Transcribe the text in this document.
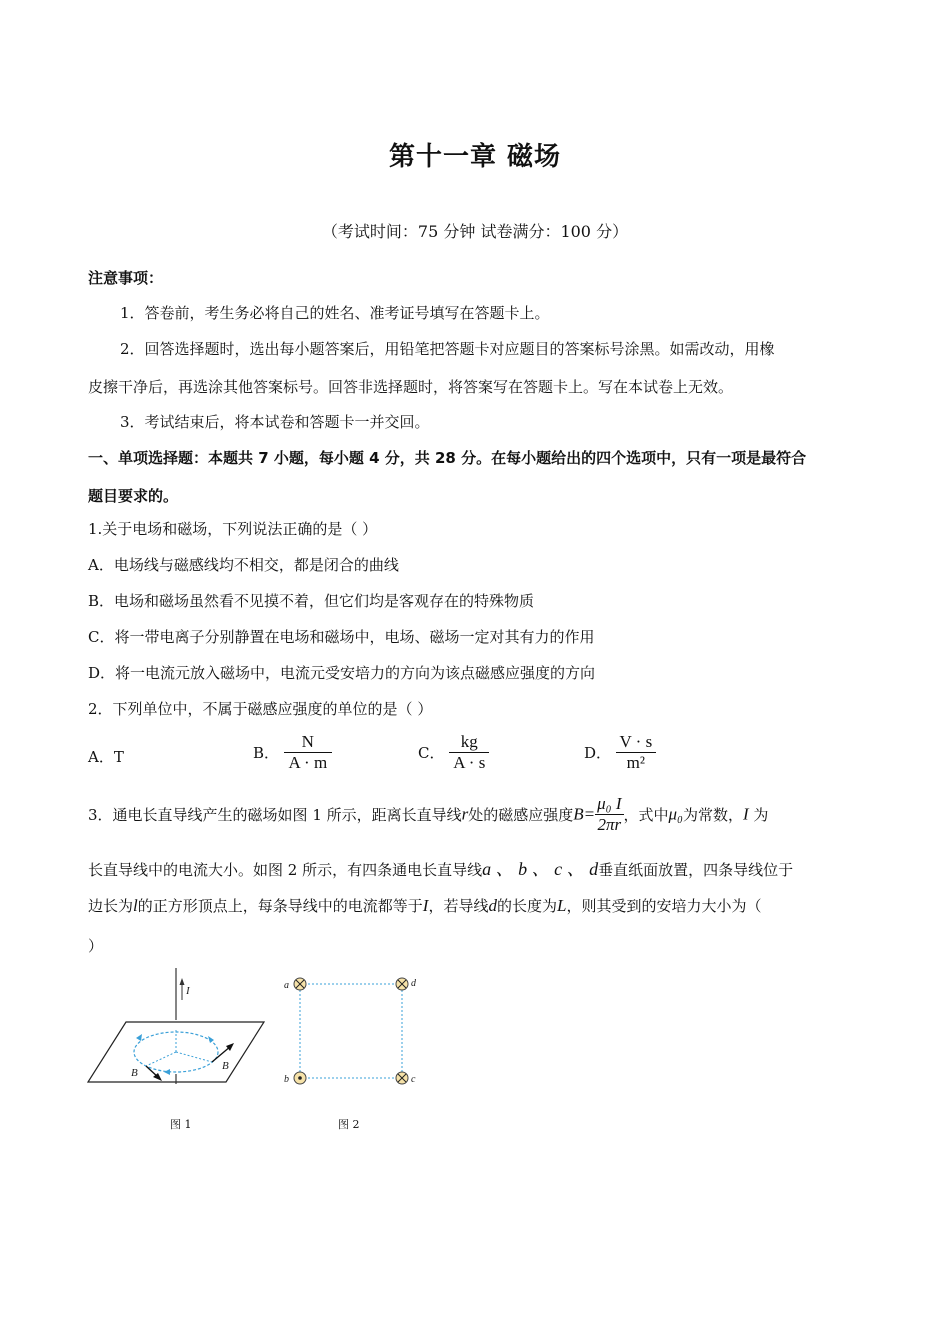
第十一章 磁场
（考试时间：75 分钟 试卷满分：100 分）
注意事项：
1．答卷前，考生务必将自己的姓名、准考证号填写在答题卡上。
2．回答选择题时，选出每小题答案后，用铅笔把答题卡对应题目的答案标号涂黑。如需改动，用橡
皮擦干净后，再选涂其他答案标号。回答非选择题时，将答案写在答题卡上。写在本试卷上无效。
3．考试结束后，将本试卷和答题卡一并交回。
一、单项选择题：本题共 7 小题，每小题 4 分，共 28 分。在每小题给出的四个选项中，只有一项是最符合
题目要求的。
1.关于电场和磁场，下列说法正确的是（ ）
A．电场线与磁感线均不相交，都是闭合的曲线
B．电场和磁场虽然看不见摸不着，但它们均是客观存在的特殊物质
C．将一带电离子分别静置在电场和磁场中，电场、磁场一定对其有力的作用
D．将一电流元放入磁场中，电流元受安培力的方向为该点磁感应强度的方向
2．下列单位中，不属于磁感应强度的单位的是（ ）
A．T	B． $\frac{N}{A \cdot m}$	C． $\frac{kg}{A \cdot s}$	D． $\frac{V \cdot s}{\text{m²}}$
3．通电长直导线产生的磁场如图 1 所示，距离长直导线r处的磁感应强度$B= \frac{\text{μ₀ I}}{2\pi r}$ ，式中μ₀为常数，I 为
长直导线中的电流大小。如图 2 所示，有四条通电长直导线a 、 b 、 c 、 d垂直纸面放置，四条导线位于
边长为l的正方形顶点上，每条导线中的电流都等于I，若导线d的长度为L，则其受到的安培力大小为（
）
I
B
B
图 1
a	d
b	c
图 2
